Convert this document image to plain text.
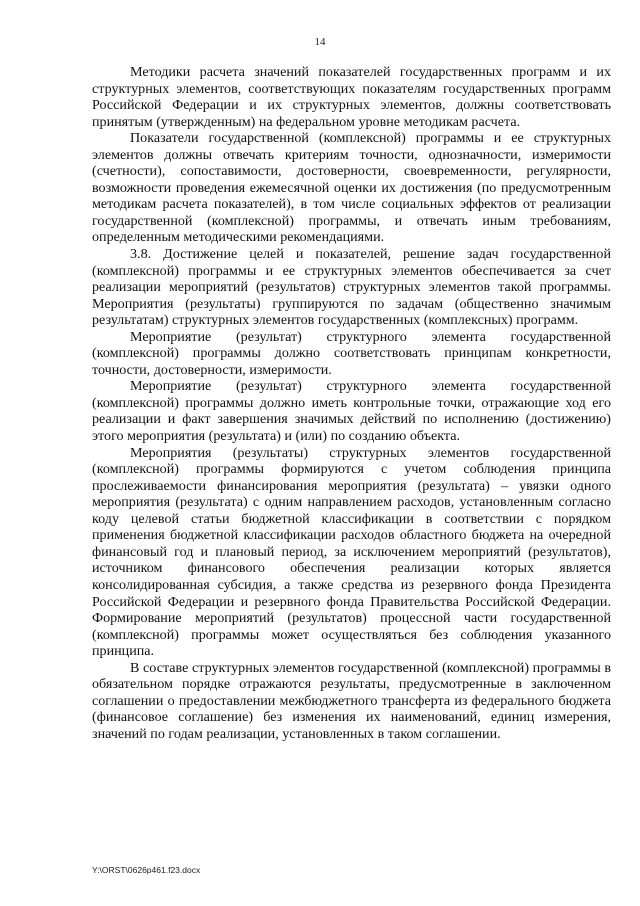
14

Методики расчета значений показателей государственных программ и их структурных элементов, соответствующих показателям государственных программ Российской Федерации и их структурных элементов, должны соответствовать принятым (утвержденным) на федеральном уровне методикам расчета.

Показатели государственной (комплексной) программы и ее структурных элементов должны отвечать критериям точности, однозначности, измеримости (счетности), сопоставимости, достоверности, своевременности, регулярности, возможности проведения ежемесячной оценки их достижения (по предусмотренным методикам расчета показателей), в том числе социальных эффектов от реализации государственной (комплексной) программы, и отвечать иным требованиям, определенным методическими рекомендациями.

3.8. Достижение целей и показателей, решение задач государственной (комплексной) программы и ее структурных элементов обеспечивается за счет реализации мероприятий (результатов) структурных элементов такой программы. Мероприятия (результаты) группируются по задачам (общественно значимым результатам) структурных элементов государственных (комплексных) программ.

Мероприятие (результат) структурного элемента государственной (комплексной) программы должно соответствовать принципам конкретности, точности, достоверности, измеримости.

Мероприятие (результат) структурного элемента государственной (комплексной) программы должно иметь контрольные точки, отражающие ход его реализации и факт завершения значимых действий по исполнению (достижению) этого мероприятия (результата) и (или) по созданию объекта.

Мероприятия (результаты) структурных элементов государственной (комплексной) программы формируются с учетом соблюдения принципа прослеживаемости финансирования мероприятия (результата) – увязки одного мероприятия (результата) с одним направлением расходов, установленным согласно коду целевой статьи бюджетной классификации в соответствии с порядком применения бюджетной классификации расходов областного бюджета на очередной финансовый год и плановый период, за исключением мероприятий (результатов), источником финансового обеспечения реализации которых является консолидированная субсидия, а также средства из резервного фонда Президента Российской Федерации и резервного фонда Правительства Российской Федерации. Формирование мероприятий (результатов) процессной части государственной (комплексной) программы может осуществляться без соблюдения указанного принципа.

В составе структурных элементов государственной (комплексной) программы в обязательном порядке отражаются результаты, предусмотренные в заключенном соглашении о предоставлении межбюджетного трансферта из федерального бюджета (финансовое соглашение) без изменения их наименований, единиц измерения, значений по годам реализации, установленных в таком соглашении.

Y:\ORST\0626p461.f23.docx
